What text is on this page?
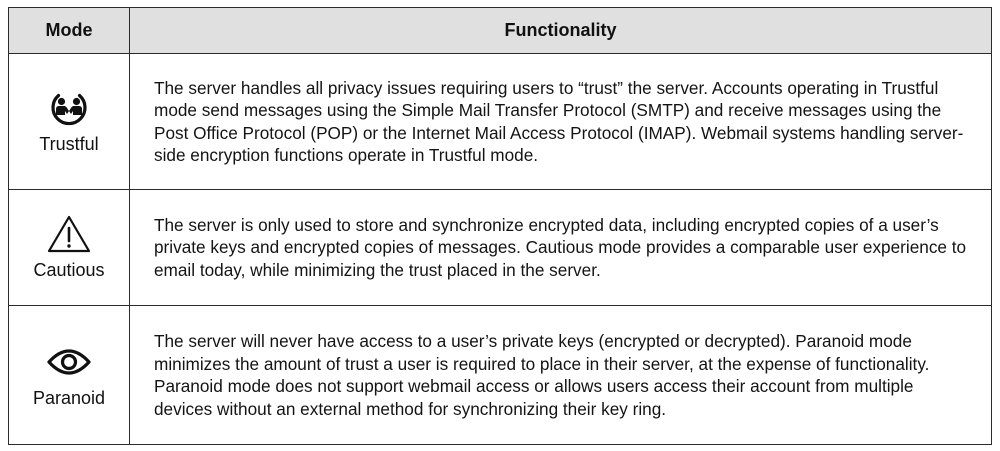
Mode	Functionality
Trustful

The server handles all privacy issues requiring users to “trust” the server. Accounts operating in Trustful mode send messages using the Simple Mail Transfer Protocol (SMTP) and receive messages using the Post Office Protocol (POP) or the Internet Mail Access Protocol (IMAP). Webmail systems handling server-side encryption functions operate in Trustful mode.

Cautious

The server is only used to store and synchronize encrypted data, including encrypted copies of a user’s private keys and encrypted copies of messages. Cautious mode provides a comparable user experience to email today, while minimizing the trust placed in the server.

Paranoid

The server will never have access to a user’s private keys (encrypted or decrypted). Paranoid mode minimizes the amount of trust a user is required to place in their server, at the expense of functionality. Paranoid mode does not support webmail access or allows users access their account from multiple devices without an external method for synchronizing their key ring.
